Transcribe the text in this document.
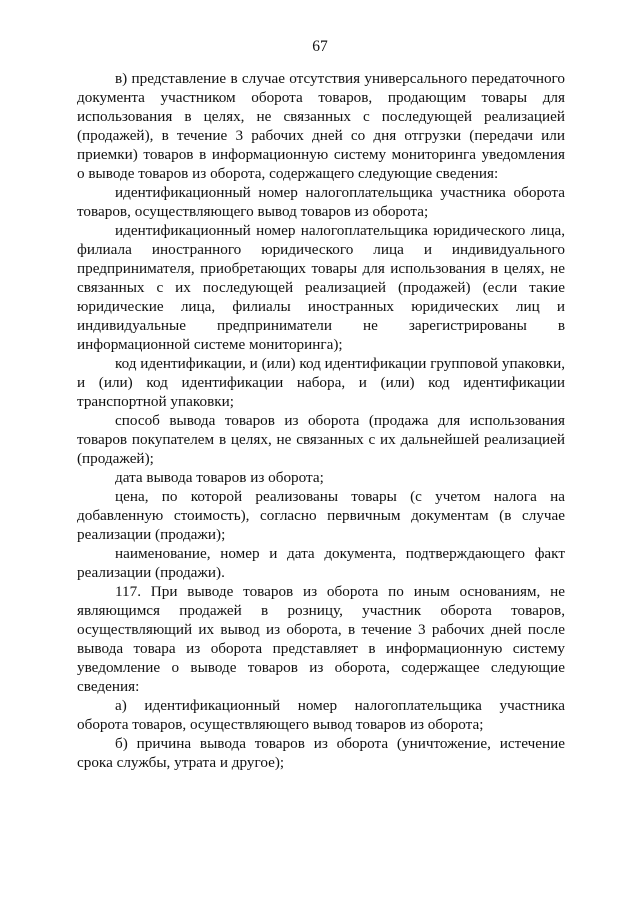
67

в) представление в случае отсутствия универсального передаточного документа участником оборота товаров, продающим товары для использования в целях, не связанных с последующей реализацией (продажей), в течение 3 рабочих дней со дня отгрузки (передачи или приемки) товаров в информационную систему мониторинга уведомления о выводе товаров из оборота, содержащего следующие сведения:

идентификационный номер налогоплательщика участника оборота товаров, осуществляющего вывод товаров из оборота;

идентификационный номер налогоплательщика юридического лица, филиала иностранного юридического лица и индивидуального предпринимателя, приобретающих товары для использования в целях, не связанных с их последующей реализацией (продажей) (если такие юридические лица, филиалы иностранных юридических лиц и индивидуальные предприниматели не зарегистрированы в информационной системе мониторинга);

код идентификации, и (или) код идентификации групповой упаковки, и (или) код идентификации набора, и (или) код идентификации транспортной упаковки;

способ вывода товаров из оборота (продажа для использования товаров покупателем в целях, не связанных с их дальнейшей реализацией (продажей);

дата вывода товаров из оборота;

цена, по которой реализованы товары (с учетом налога на добавленную стоимость), согласно первичным документам (в случае реализации (продажи);

наименование, номер и дата документа, подтверждающего факт реализации (продажи).

117. При выводе товаров из оборота по иным основаниям, не являющимся продажей в розницу, участник оборота товаров, осуществляющий их вывод из оборота, в течение 3 рабочих дней после вывода товара из оборота представляет в информационную систему уведомление о выводе товаров из оборота, содержащее следующие сведения:

а) идентификационный номер налогоплательщика участника оборота товаров, осуществляющего вывод товаров из оборота;

б) причина вывода товаров из оборота (уничтожение, истечение срока службы, утрата и другое);
